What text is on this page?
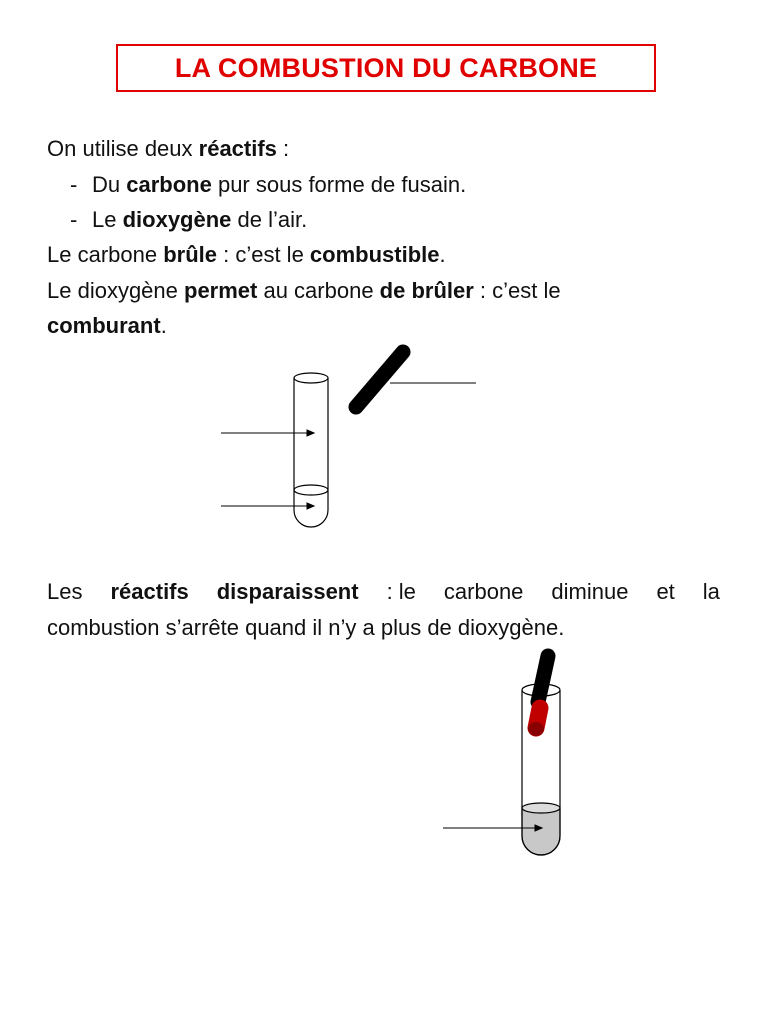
LA COMBUSTION DU CARBONE
On utilise deux réactifs :
- Du carbone pur sous forme de fusain.
- Le dioxygène de l’air.
Le carbone brûle : c’est le combustible.
Le dioxygène permet au carbone de brûler : c’est le
comburant.
Les réactifs disparaissent : le carbone diminue et la
combustion s’arrête quand il n’y a plus de dioxygène.
